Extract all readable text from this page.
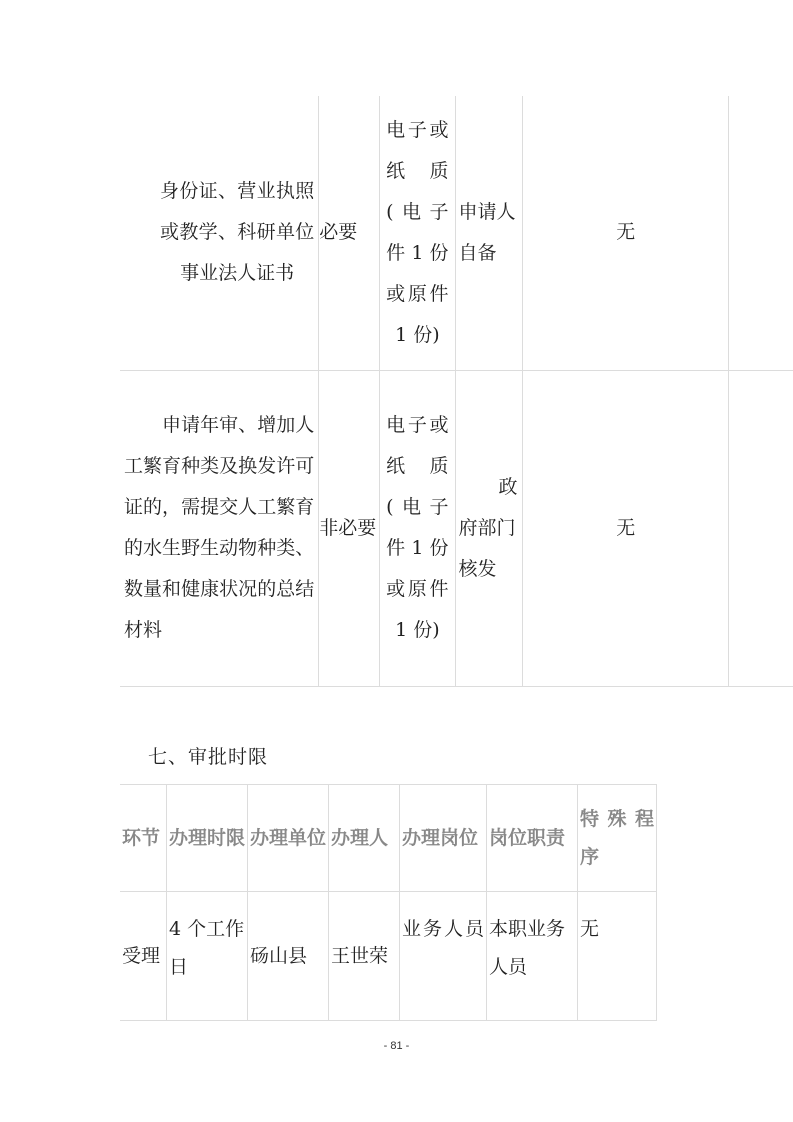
身份证、营业执照或教学、科研单位事业法人证书	必要	电子或纸质(电子件 1 份或原件 1 份)	申请人自备	无	

申请年审、增加人工繁育种类及换发许可证的，需提交人工繁育的水生野生动物种类、数量和健康状况的总结材料	非必要	电子或纸质(电子件 1 份或原件 1 份)	政府部门核发	无	
七、审批时限
环节	办理时限	办理单位	办理人	办理岗位	岗位职责	特殊程序
受理	4 个工作日	砀山县	王世荣	业务人员	本职业务人员	无
- 81 -
